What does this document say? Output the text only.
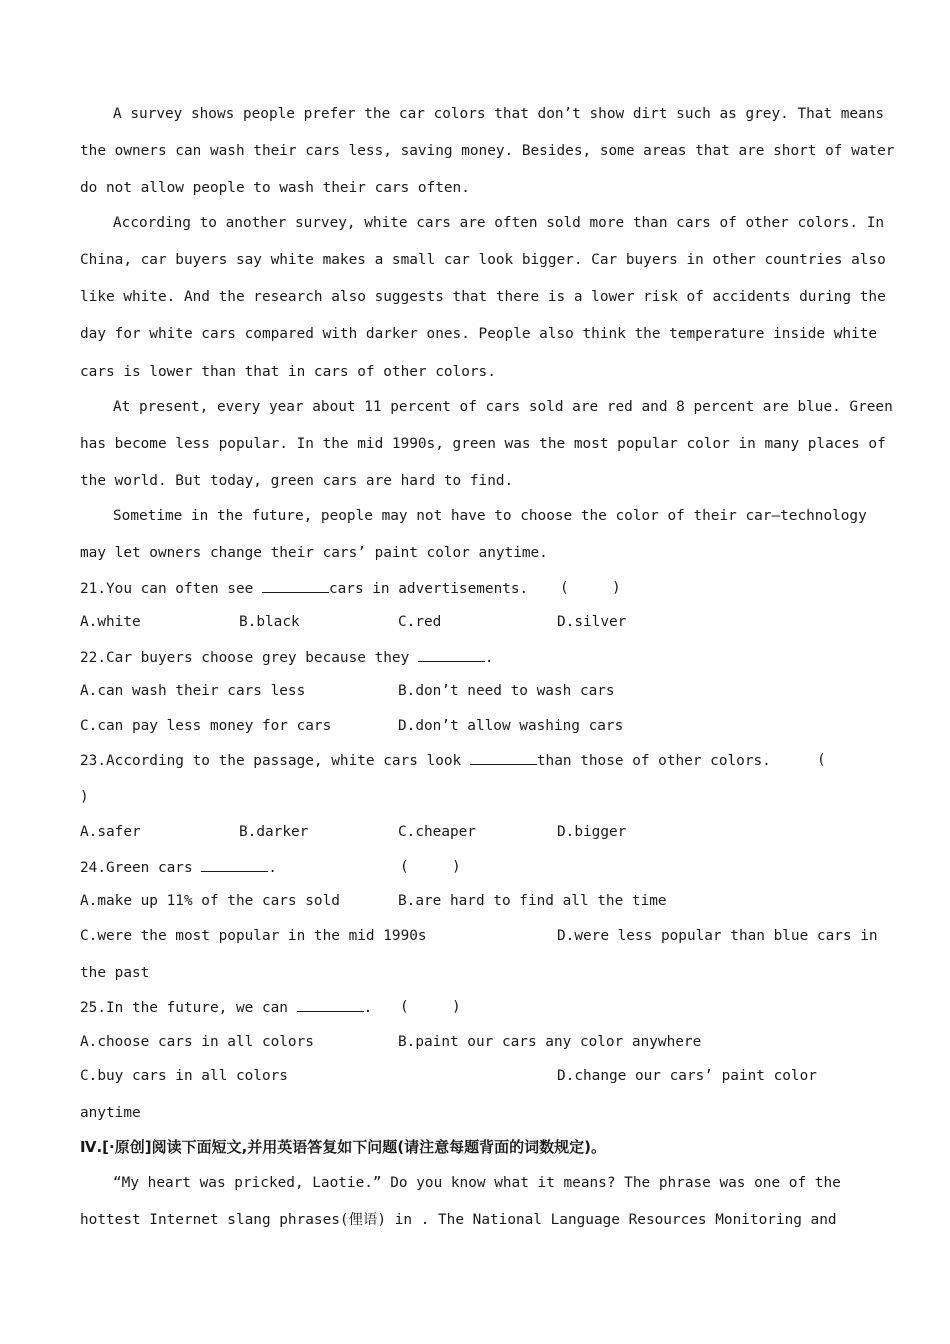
A survey shows people prefer the car colors that don’t show dirt such as grey. That means
the owners can wash their cars less, saving money. Besides, some areas that are short of water
do not allow people to wash their cars often.
According to another survey, white cars are often sold more than cars of other colors. In
China, car buyers say white makes a small car look bigger. Car buyers in other countries also
like white. And the research also suggests that there is a lower risk of accidents during the
day for white cars compared with darker ones. People also think the temperature inside white
cars is lower than that in cars of other colors.
At present, every year about 11 percent of cars sold are red and 8 percent are blue. Green
has become less popular. In the mid 1990s, green was the most popular color in many places of
the world. But today, green cars are hard to find.
Sometime in the future, people may not have to choose the color of their car—technology
may let owners change their cars’ paint color anytime.
21.You can often see	cars in advertisements. (     )
A.white	B.black	C.red	D.silver
22.Car buyers choose grey because they	.
A.can wash their cars less	B.don’t need to wash cars
C.can pay less money for cars	D.don’t allow washing cars
23.According to the passage, white cars look	than those of other colors.	(
)
A.safer	B.darker	C.cheaper	D.bigger
24.Green cars	.	(     )
A.make up 11% of the cars sold	B.are hard to find all the time
C.were the most popular in the mid 1990s	D.were less popular than blue cars in
the past
25.In the future, we can	. (     )
A.choose cars in all colors	B.paint our cars any color anywhere
C.buy cars in all colors	D.change our cars’ paint color
anytime
Ⅳ.[·原创]阅读下面短文,并用英语答复如下问题(请注意每题背面的词数规定)。
“My heart was pricked, Laotie.” Do you know what it means? The phrase was one of the
hottest Internet slang phrases(俚语) in . The National Language Resources Monitoring and
